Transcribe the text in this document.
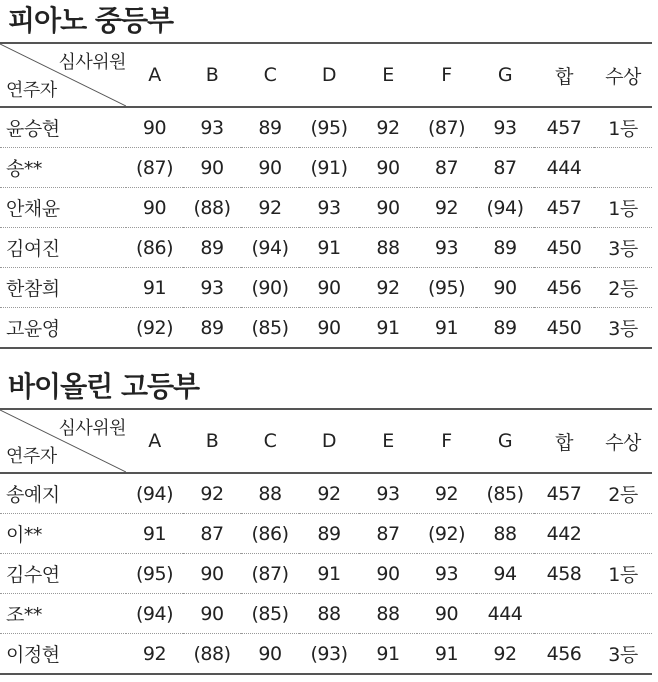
피아노 중등부
심사위원
연주자	A	B	C	D	E	F	G	합	수상
윤승현	90	93	89	(95)	92	(87)	93	457	1등
송**	(87)	90	90	(91)	90	87	87	444	
안채윤	90	(88)	92	93	90	92	(94)	457	1등
김여진	(86)	89	(94)	91	88	93	89	450	3등
한참희	91	93	(90)	90	92	(95)	90	456	2등
고윤영	(92)	89	(85)	90	91	91	89	450	3등
바이올린 고등부
심사위원
연주자	A	B	C	D	E	F	G	합	수상
송예지	(94)	92	88	92	93	92	(85)	457	2등
이**	91	87	(86)	89	87	(92)	88	442	
김수연	(95)	90	(87)	91	90	93	94	458	1등
조**	(94)	90	(85)	88	88	90	444		
이정현	92	(88)	90	(93)	91	91	92	456	3등
